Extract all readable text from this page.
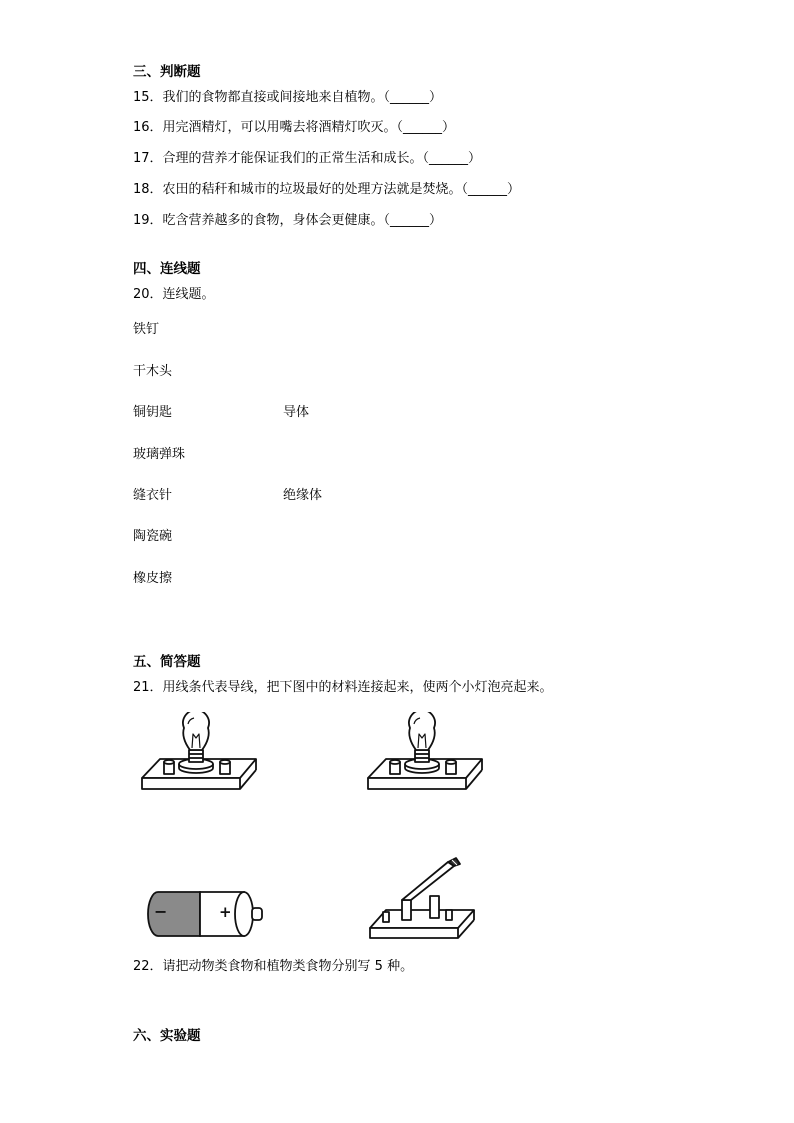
三、判断题
15．我们的食物都直接或间接地来自植物。（______）
16．用完酒精灯，可以用嘴去将酒精灯吹灭。（______）
17．合理的营养才能保证我们的正常生活和成长。（______）
18．农田的秸秆和城市的垃圾最好的处理方法就是焚烧。（______）
19．吃含营养越多的食物，身体会更健康。（______）
四、连线题
20．连线题。
铁钉
干木头
铜钥匙
玻璃弹珠
缝衣针
陶瓷碗
橡皮擦
导体
绝缘体
五、简答题
21．用线条代表导线，把下图中的材料连接起来，使两个小灯泡亮起来。
−	+
22．请把动物类食物和植物类食物分别写 5 种。
六、实验题
